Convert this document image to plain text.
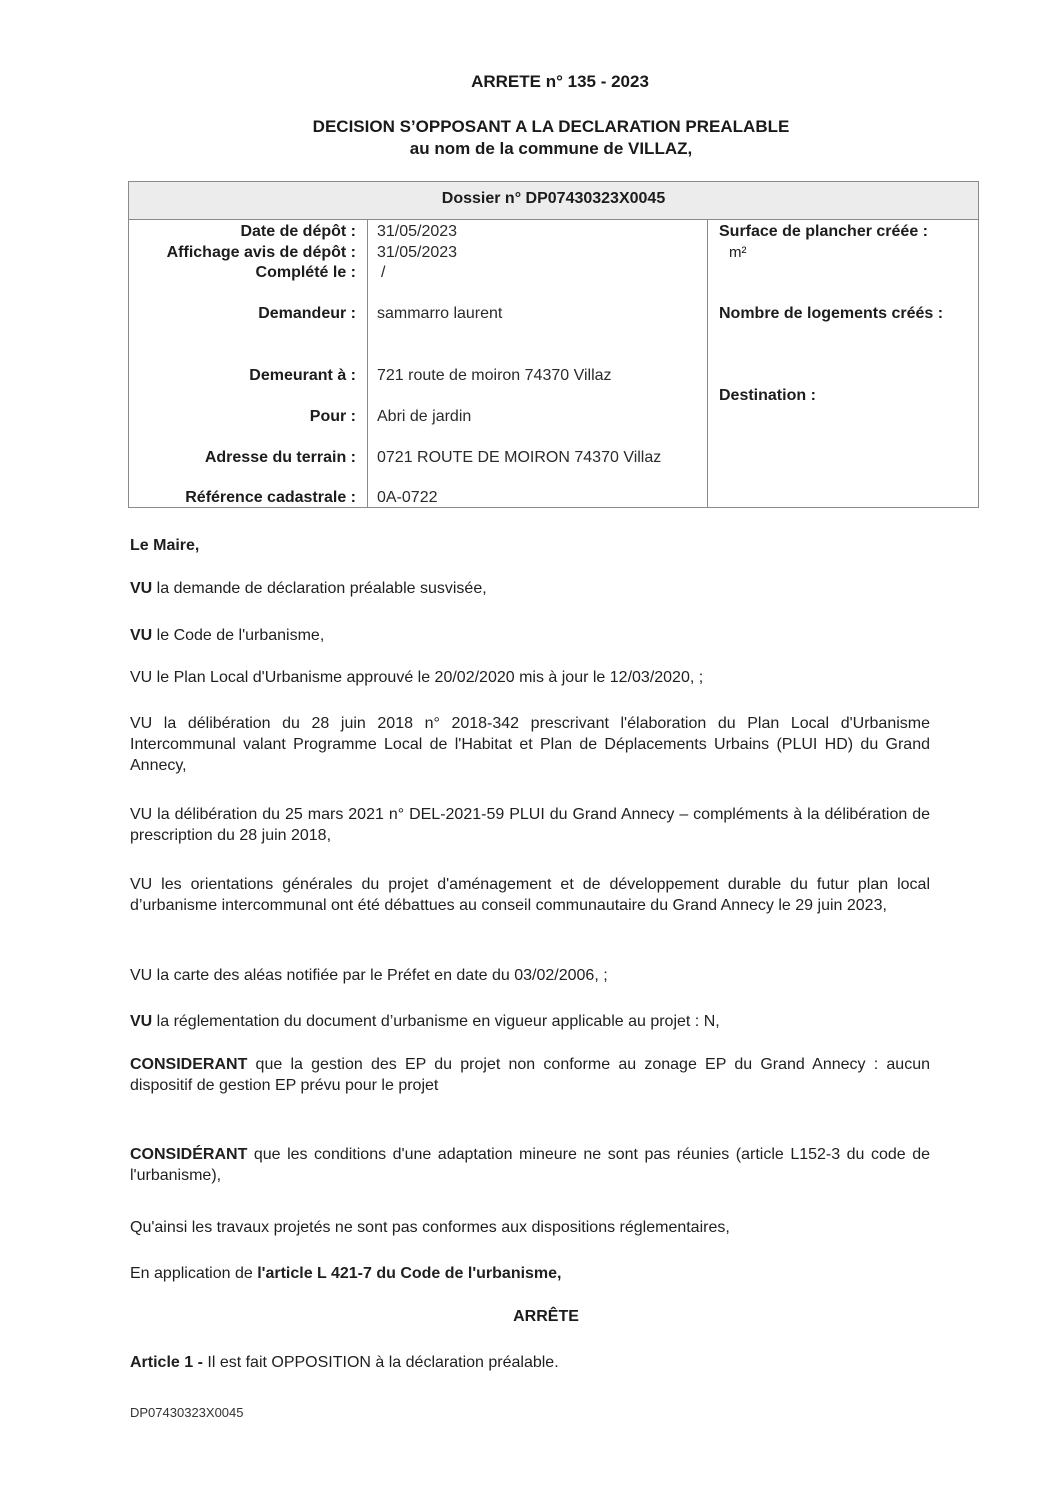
ARRETE n° 135 - 2023
DECISION S’OPPOSANT A LA DECLARATION PREALABLE
au nom de la commune de VILLAZ,
Dossier n° DP07430323X0045
Date de dépôt : 31/05/2023
Affichage avis de dépôt : 31/05/2023
Complété le : /
Demandeur : sammarro laurent
Demeurant à : 721 route de moiron 74370 Villaz
Pour : Abri de jardin
Adresse du terrain : 0721 ROUTE DE MOIRON 74370 Villaz
Référence cadastrale : 0A-0722
Surface de plancher créée :
m²
Nombre de logements créés :
Destination :
Le Maire,
VU la demande de déclaration préalable susvisée,
VU le Code de l'urbanisme,
VU le Plan Local d'Urbanisme approuvé le 20/02/2020 mis à jour le 12/03/2020, ;
VU la délibération du 28 juin 2018 n° 2018-342 prescrivant l'élaboration du Plan Local d'Urbanisme Intercommunal valant Programme Local de l'Habitat et Plan de Déplacements Urbains (PLUI HD) du Grand Annecy,
VU la délibération du 25 mars 2021 n° DEL-2021-59 PLUI du Grand Annecy – compléments à la délibération de prescription du 28 juin 2018,
VU les orientations générales du projet d'aménagement et de développement durable du futur plan local d’urbanisme intercommunal ont été débattues au conseil communautaire du Grand Annecy le 29 juin 2023,
VU la carte des aléas notifiée par le Préfet en date du 03/02/2006, ;
VU la réglementation du document d’urbanisme en vigueur applicable au projet : N,
CONSIDERANT que la gestion des EP du projet non conforme au zonage EP du Grand Annecy : aucun dispositif de gestion EP prévu pour le projet
CONSIDÉRANT que les conditions d'une adaptation mineure ne sont pas réunies (article L152-3 du code de l'urbanisme),
Qu'ainsi les travaux projetés ne sont pas conformes aux dispositions réglementaires,
En application de l'article L 421-7 du Code de l'urbanisme,
ARRÊTE
Article 1 - Il est fait OPPOSITION à la déclaration préalable.
DP07430323X0045
